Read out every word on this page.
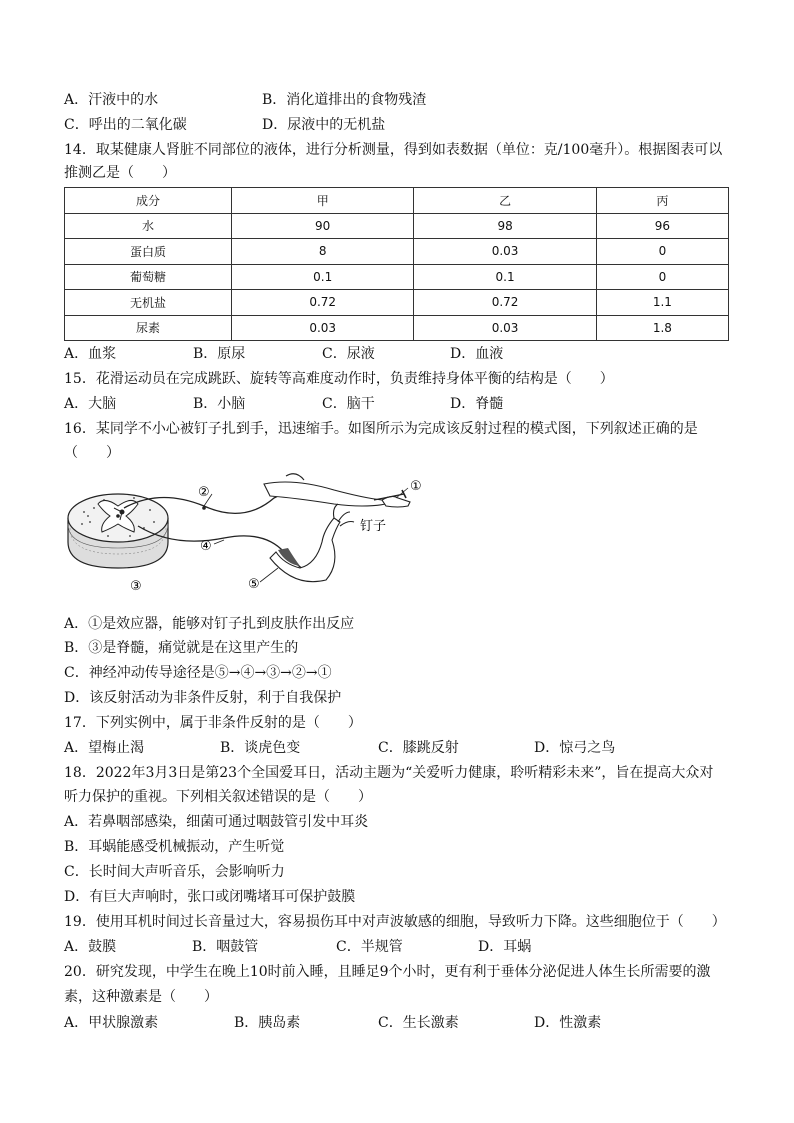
A．汗液中的水	B．消化道排出的食物残渣
C．呼出的二氧化碳	D．尿液中的无机盐
14．取某健康人肾脏不同部位的液体，进行分析测量，得到如表数据（单位：克/100毫升）。根据图表可以
推测乙是（　　）
成分	甲	乙	丙
水	90	98	96
蛋白质	8	0.03	0
葡萄糖	0.1	0.1	0
无机盐	0.72	0.72	1.1
尿素	0.03	0.03	1.8
A．血浆	B．原尿	C．尿液	D．血液
15．花滑运动员在完成跳跃、旋转等高难度动作时，负责维持身体平衡的结构是（　　）
A．大脑	B．小脑	C．脑干	D．脊髓
16．某同学不小心被钉子扎到手，迅速缩手。如图所示为完成该反射过程的模式图，下列叙述正确的是
（　　）
①
②
③
④
⑤
钉子
A．①是效应器，能够对钉子扎到皮肤作出反应
B．③是脊髓，痛觉就是在这里产生的
C．神经冲动传导途径是⑤→④→③→②→①
D．该反射活动为非条件反射，利于自我保护
17．下列实例中，属于非条件反射的是（　　）
A．望梅止渴	B．谈虎色变	C．膝跳反射	D．惊弓之鸟
18．2022年3月3日是第23个全国爱耳日，活动主题为“关爱听力健康，聆听精彩未来”，旨在提高大众对
听力保护的重视。下列相关叙述错误的是（　　）
A．若鼻咽部感染，细菌可通过咽鼓管引发中耳炎
B．耳蜗能感受机械振动，产生听觉
C．长时间大声听音乐，会影响听力
D．有巨大声响时，张口或闭嘴堵耳可保护鼓膜
19．使用耳机时间过长音量过大，容易损伤耳中对声波敏感的细胞，导致听力下降。这些细胞位于（　　）
A．鼓膜	B．咽鼓管	C．半规管	D．耳蜗
20．研究发现，中学生在晚上10时前入睡，且睡足9个小时，更有利于垂体分泌促进人体生长所需要的激
素，这种激素是（　　）
A．甲状腺激素	B．胰岛素	C．生长激素	D．性激素
